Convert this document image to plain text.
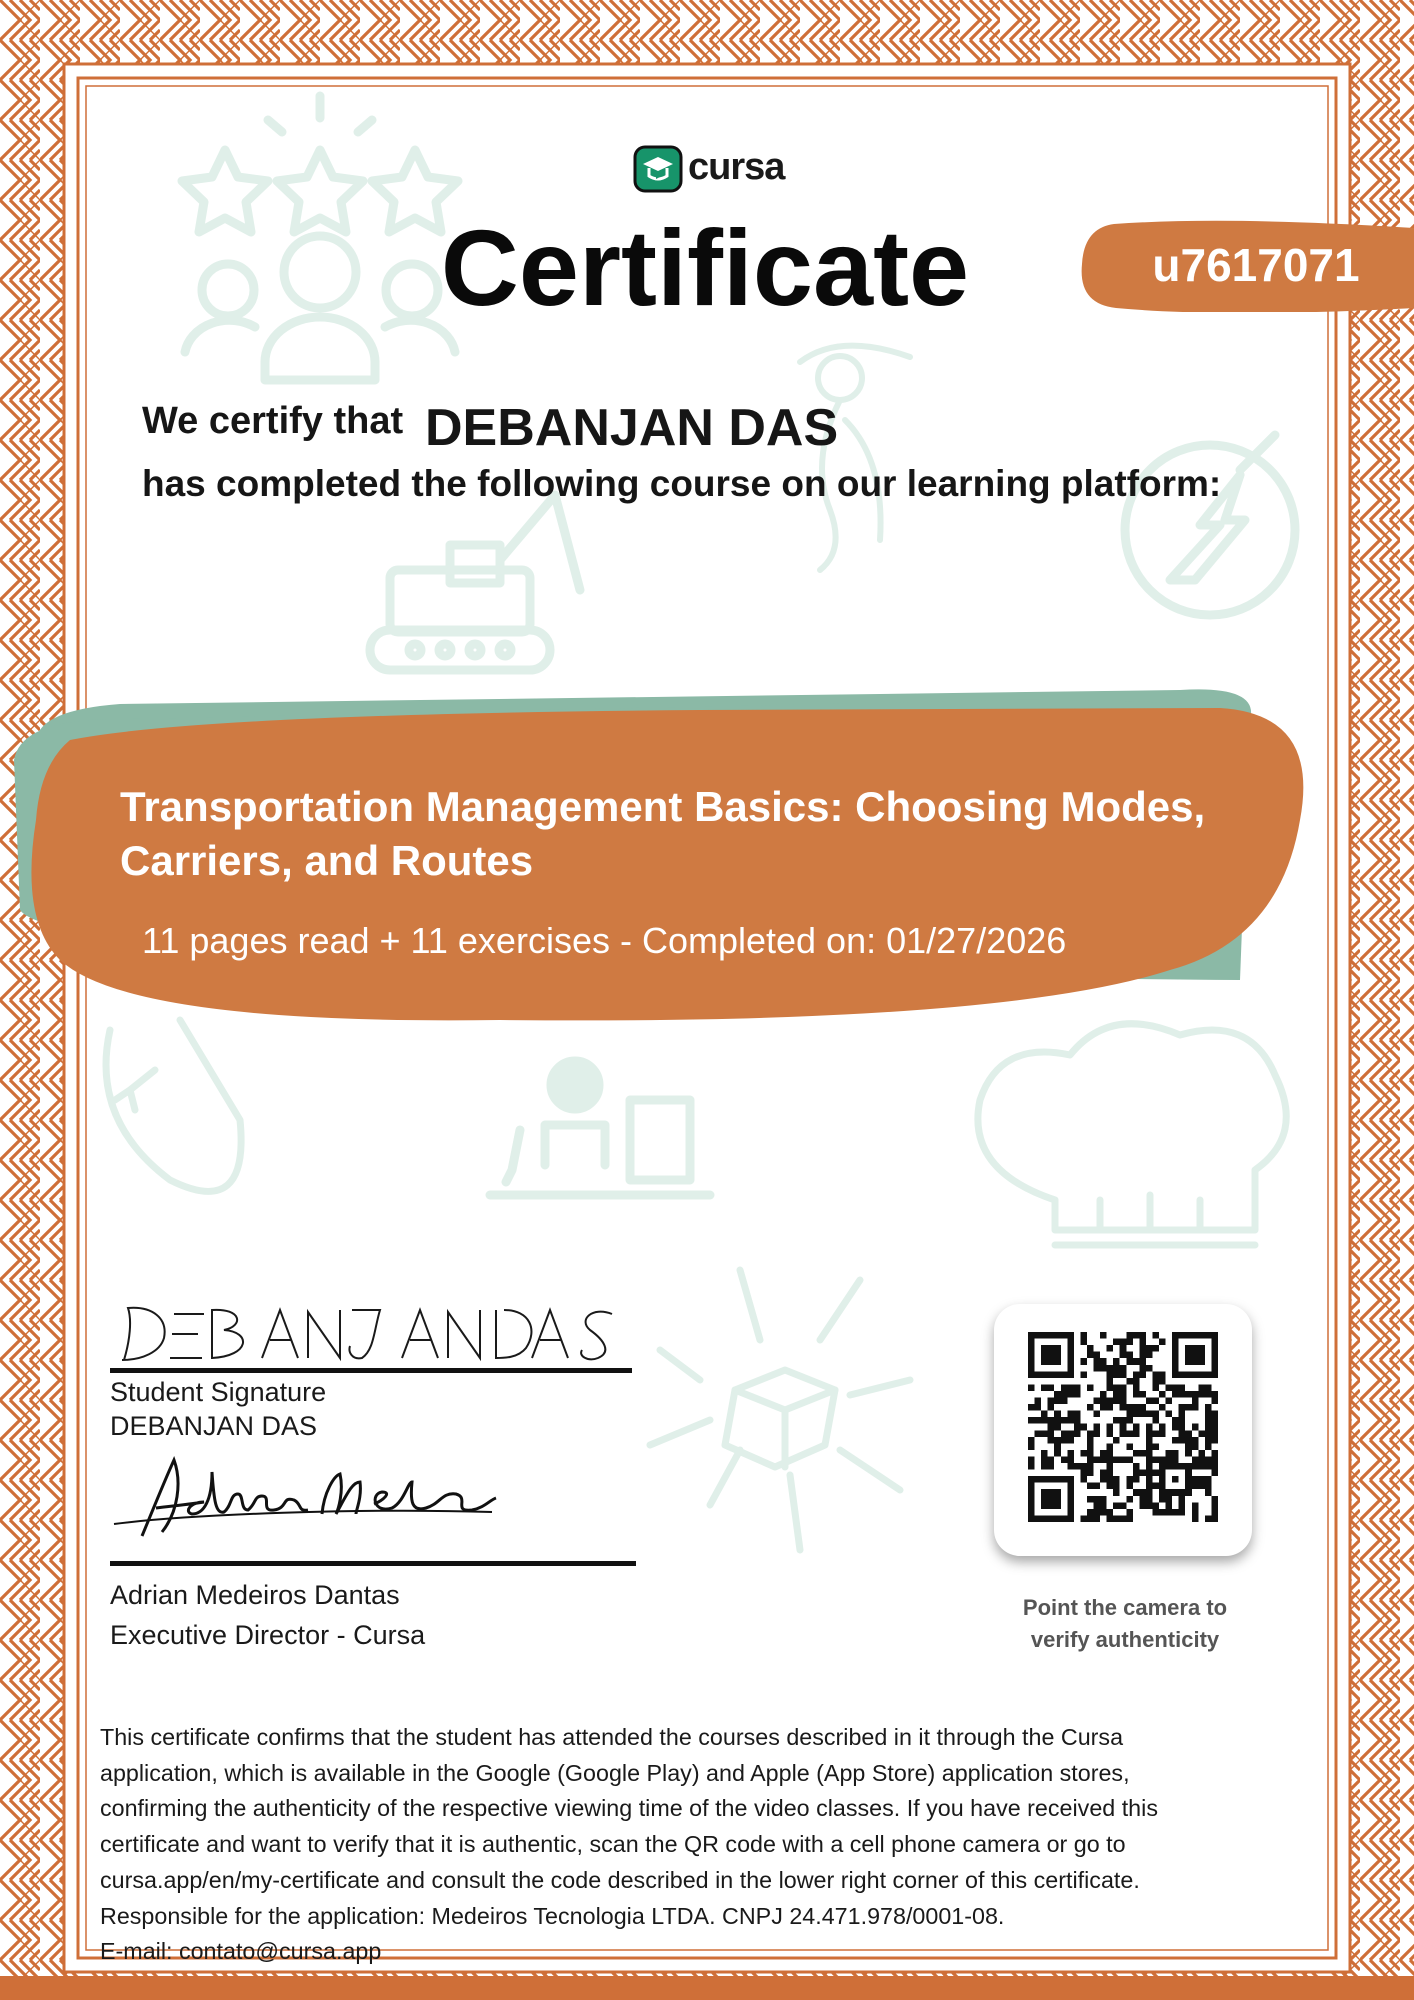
cursa
Certificate	u7617071
We certify that DEBANJAN DAS
has completed the following course on our learning platform:
Transportation Management Basics: Choosing Modes, Carriers, and Routes
11 pages read + 11 exercises - Completed on: 01/27/2026
Student Signature
DEBANJAN DAS
Adrian Medeiros Dantas
Executive Director - Cursa
Point the camera to
verify authenticity
This certificate confirms that the student has attended the courses described in it through the Cursa
application, which is available in the Google (Google Play) and Apple (App Store) application stores,
confirming the authenticity of the respective viewing time of the video classes. If you have received this
certificate and want to verify that it is authentic, scan the QR code with a cell phone camera or go to
cursa.app/en/my-certificate and consult the code described in the lower right corner of this certificate.
Responsible for the application: Medeiros Tecnologia LTDA. CNPJ 24.471.978/0001-08.
E-mail: contato@cursa.app
